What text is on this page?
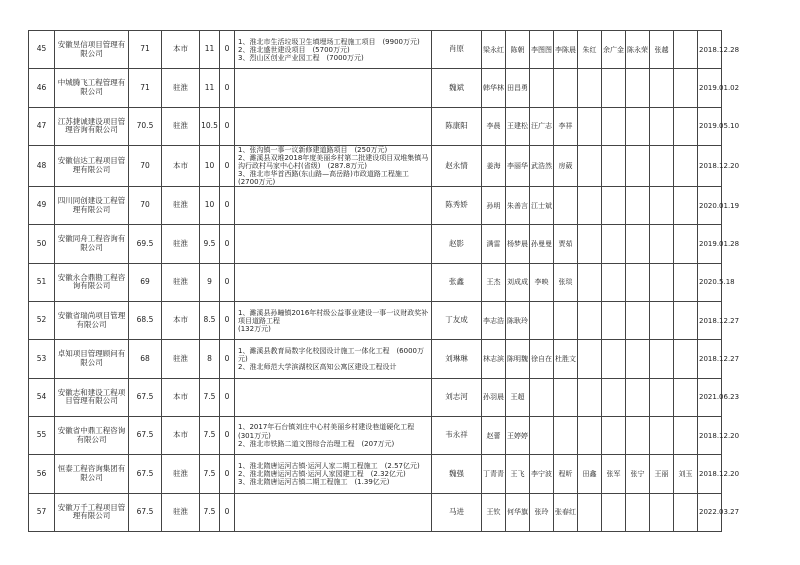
45	安徽昱信项目管理有限公司	71	本市	11	0	1、淮北市生活垃圾卫生填埋场工程施工项目　(9900万元)
2、淮北盛世建设项目　(5700万元)
3、烈山区创业产业园工程　(7000万元)	肖原	梁永红	陈朝	李图图	李陈晨	朱红	余广金	陈永荣	张越		2018.12.28
46	中城腾飞工程管理有限公司	71	驻淮	11	0		魏斌	韩华林	田昌勇								2019.01.02
47	江苏捷诚建设项目管理咨询有限公司	70.5	驻淮	10.5	0		陈康阳	李晨	王建松	汪广志	李祥						2019.05.10
48	安徽信达工程项目管理有限公司	70	本市	10	0	1、张沟镇一事一议新修建道路项目　(250万元)
2、濉溪县双堆2018年度美丽乡村第二批建设项目双堆集镇马沟行政村马家中心村(省级)　(287.8万元)
3、淮北市华首西路(东山路—高岳路)市政道路工程施工　(2700万元)	赵永情	姜海	李丽华	武浩然	房葳						2018.12.20
49	四川同创建设工程管理有限公司	70	驻淮	10	0		陈秀娇	孙明	朱善言	江士斌							2020.01.19
50	安徽同舟工程咨询有限公司	69.5	驻淮	9.5	0		赵影	满雷	杨梦晨	孙曼曼	贾茹						2019.01.28
51	安徽永合鼎勘工程咨询有限公司	69	驻淮	9	0		张鑫	王杰	刘成成	李映	张琰						2020.5.18
52	安徽省瑞尚项目管理有限公司	68.5	本市	8.5	0	1、濉溪县孙疃镇2016年村级公益事业建设一事一议财政奖补项目道路工程
(132万元)	丁友成	李志浩	陈耿玲								2018.12.27
53	卓知项目管理顾问有限公司	68	驻淮	8	0	1、濉溪县教育局数字化校园设计施工一体化工程　(6000万元)
2、淮北师范大学滨湖校区高知公寓区建设工程设计	刘琳琳	林志滨	陈明魏	徐自在	杜胜文						2018.12.27
54	安徽志和建设工程项目管理有限公司	67.5	本市	7.5	0		刘志河	孙羽晨	王超								2021.06.23
55	安徽省中鼎工程咨询有限公司	67.5	本市	7.5	0	1、2017年石台镇刘庄中心村美丽乡村建设巷道硬化工程　(301万元)
2、淮北市铁路二道文图综合治理工程　(207万元)	韦永祥	赵蕾	王婷婷								2018.12.20
56	恒泰工程咨询集团有限公司	67.5	驻淮	7.5	0	1、淮北隋唐运河古镇·运河人家二期工程施工　(2.57亿元)
2、淮北隋唐运河古镇·运河人家园建工程　(2.32亿元)
3、淮北隋唐运河古镇二期工程施工　(1.39亿元)	魏强	丁青青	王飞	李宁波	程昕	田鑫	张军	张宁	王丽	刘玉	2018.12.20
57	安徽万千工程项目管理有限公司	67.5	驻淮	7.5	0		马进	王钦	何华旗	张玲	张春红						2022.03.27
